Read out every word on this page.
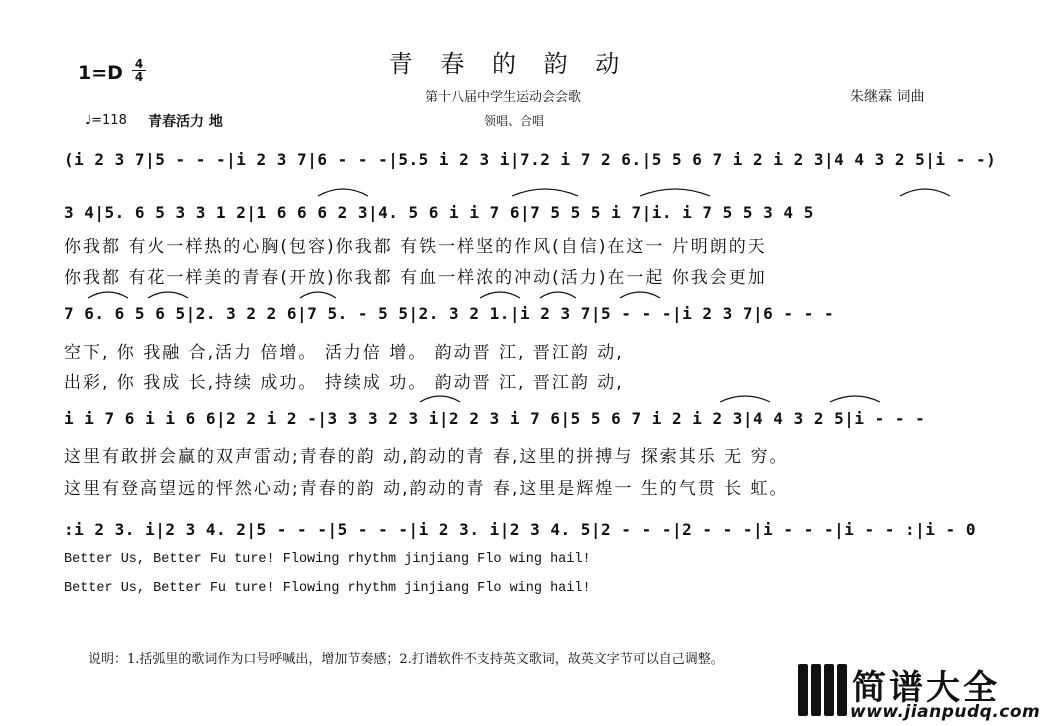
青 春 的 韵 动
1=D 4
4
第十八届中学生运动会会歌	朱继霖 词曲
♩=118 青春活力 地	领唱、合唱
(i 2 3 7|5 - - -|i 2 3 7|6 - - -|5.5 i 2 3 i|7.2 i 7 2 6.|5 5 6 7 i 2 i 2 3|4 4 3 2 5|i - -)
3 4|5. 6 5 3 3 1 2|1 6 6 6 2 3|4. 5 6 i i 7 6|7 5 5 5 i 7|i. i 7 5 5 3 4 5
你我都 有火一样热的心胸(包容)你我都 有铁一样坚的作风(自信)在这一 片明朗的天
你我都 有花一样美的青春(开放)你我都 有血一样浓的冲动(活力)在一起 你我会更加
7 6. 6 5 6 5|2. 3 2 2 6|7 5. - 5 5|2. 3 2 1.|i 2 3 7|5 - - -|i 2 3 7|6 - - -
空下, 你 我融 合,活力 倍增。 活力倍 增。 韵动晋 江, 晋江韵 动,
出彩, 你 我成 长,持续 成功。 持续成 功。 韵动晋 江, 晋江韵 动,
i i 7 6 i i 6 6|2 2 i 2 -|3 3 3 2 3 i|2 2 3 i 7 6|5 5 6 7 i 2 i 2 3|4 4 3 2 5|i - - -
这里有敢拼会赢的双声雷动;青春的韵 动,韵动的青 春,这里的拼搏与 探索其乐 无 穷。
这里有登高望远的怦然心动;青春的韵 动,韵动的青 春,这里是辉煌一 生的气贯 长 虹。
:i 2 3. i|2 3 4. 2|5 - - -|5 - - -|i 2 3. i|2 3 4. 5|2 - - -|2 - - -|i - - -|i - - :|i - 0
Better Us, Better Fu ture! Flowing rhythm jinjiang Flo wing hail!
Better Us, Better Fu ture! Flowing rhythm jinjiang Flo wing hail!
说明：1.括弧里的歌词作为口号呼喊出，增加节奏感；2.打谱软件不支持英文歌词，故英文字节可以自己调整。
简谱大全
www.jianpudq.com
